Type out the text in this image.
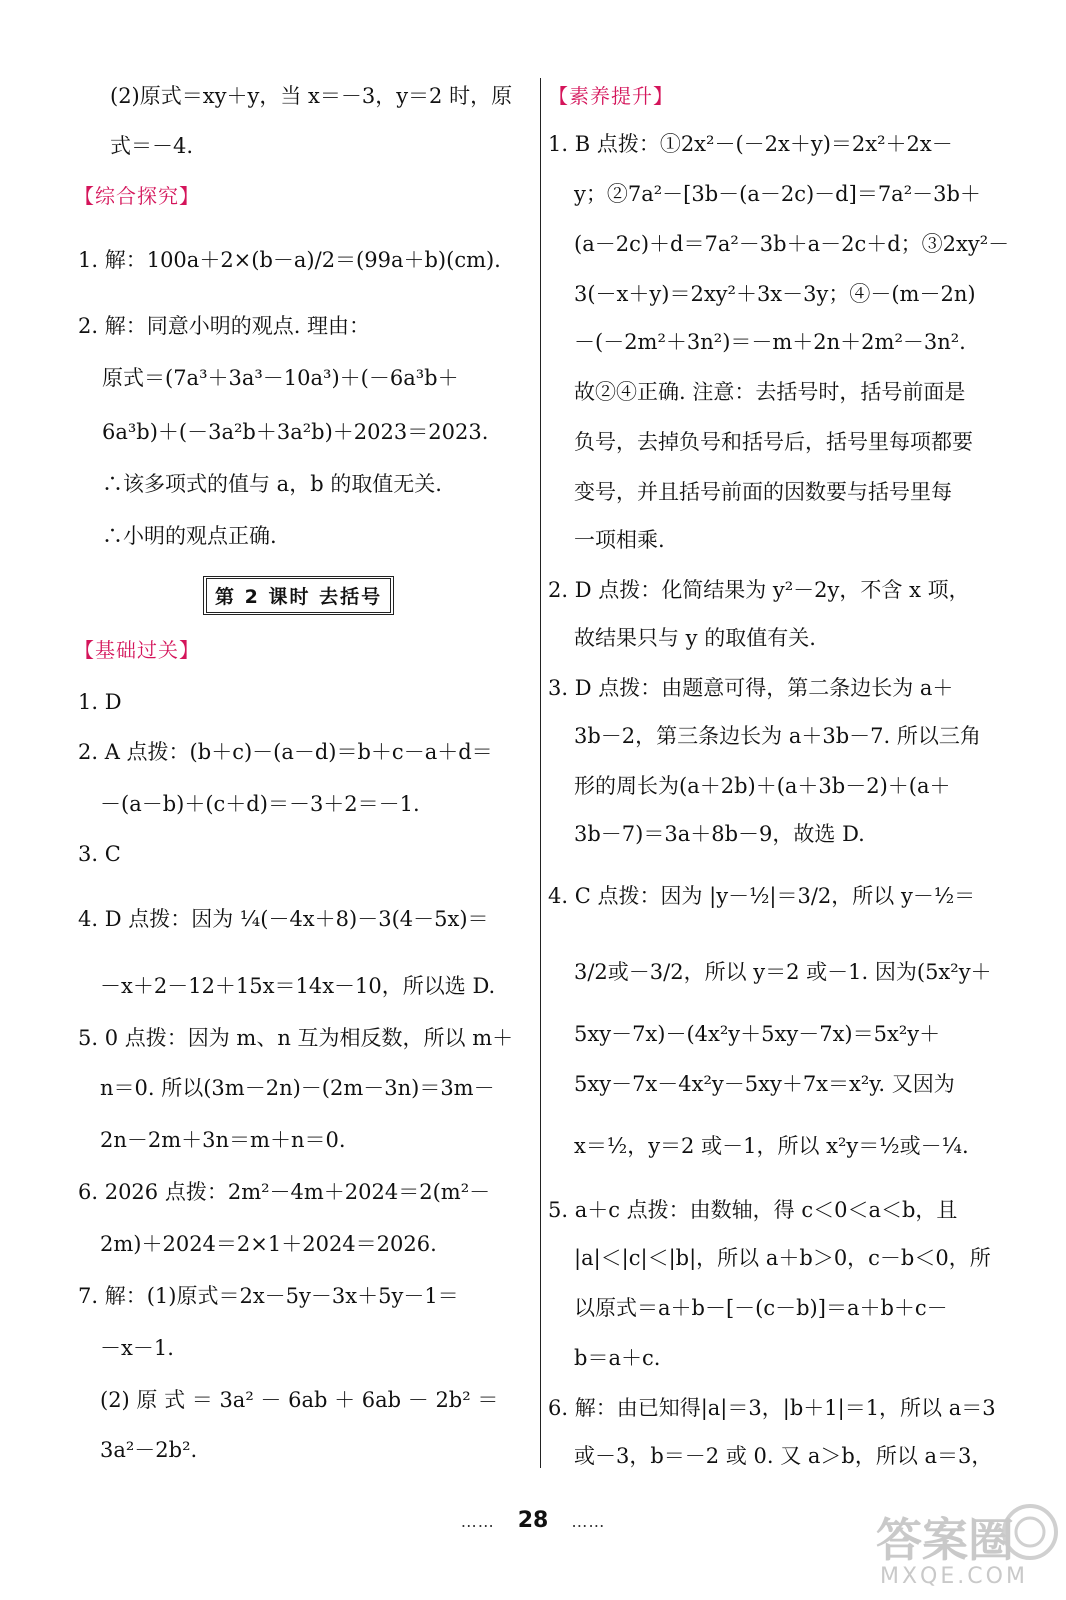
【综合探究】
第 2 课时 去括号
【基础过关】
(2)原式＝xy＋y，当 x＝－3，y＝2 时，原
式＝－4.
1. 解：100a＋2×(b－a)/2＝(99a＋b)(cm).
2. 解：同意小明的观点. 理由：
原式＝(7a³＋3a³－10a³)＋(－6a³b＋
6a³b)＋(－3a²b＋3a²b)＋2023＝2023.
∴该多项式的值与 a，b 的取值无关.
∴小明的观点正确.
1. D
2. A 点拨：(b＋c)－(a－d)＝b＋c－a＋d＝
－(a－b)＋(c＋d)＝－3＋2＝－1.
3. C
4. D 点拨：因为 ¼(－4x＋8)－3(4－5x)＝
－x＋2－12＋15x＝14x－10，所以选 D.
5. 0 点拨：因为 m、n 互为相反数，所以 m＋
n＝0. 所以(3m－2n)－(2m－3n)＝3m－
2n－2m＋3n＝m＋n＝0.
6. 2026 点拨：2m²－4m＋2024＝2(m²－
2m)＋2024＝2×1＋2024＝2026.
7. 解：(1)原式＝2x－5y－3x＋5y－1＝
－x－1.
(2) 原 式 ＝ 3a² － 6ab ＋ 6ab － 2b² ＝
3a²－2b².
【素养提升】
1. B 点拨：①2x²－(－2x＋y)＝2x²＋2x－
y；②7a²－[3b－(a－2c)－d]＝7a²－3b＋
(a－2c)＋d＝7a²－3b＋a－2c＋d；③2xy²－
3(－x＋y)＝2xy²＋3x－3y；④－(m－2n)
－(－2m²＋3n²)＝－m＋2n＋2m²－3n².
故②④正确. 注意：去括号时，括号前面是
负号，去掉负号和括号后，括号里每项都要
变号，并且括号前面的因数要与括号里每
一项相乘.
2. D 点拨：化简结果为 y²－2y，不含 x 项，
故结果只与 y 的取值有关.
3. D 点拨：由题意可得，第二条边长为 a＋
3b－2，第三条边长为 a＋3b－7. 所以三角
形的周长为(a＋2b)＋(a＋3b－2)＋(a＋
3b－7)＝3a＋8b－9，故选 D.
4. C 点拨：因为 |y－½|＝3/2，所以 y－½＝
3/2或－3/2，所以 y＝2 或－1. 因为(5x²y＋
5xy－7x)－(4x²y＋5xy－7x)＝5x²y＋
5xy－7x－4x²y－5xy＋7x＝x²y. 又因为
x＝½，y＝2 或－1，所以 x²y＝½或－¼.
5. a＋c 点拨：由数轴，得 c＜0＜a＜b，且
|a|＜|c|＜|b|，所以 a＋b＞0，c－b＜0，所
以原式＝a＋b－[－(c－b)]＝a＋b＋c－
b＝a＋c.
6. 解：由已知得|a|＝3，|b＋1|＝1，所以 a＝3
或－3，b＝－2 或 0. 又 a＞b，所以 a＝3，
…… 28 ……	答案圈
MXQE.COM
